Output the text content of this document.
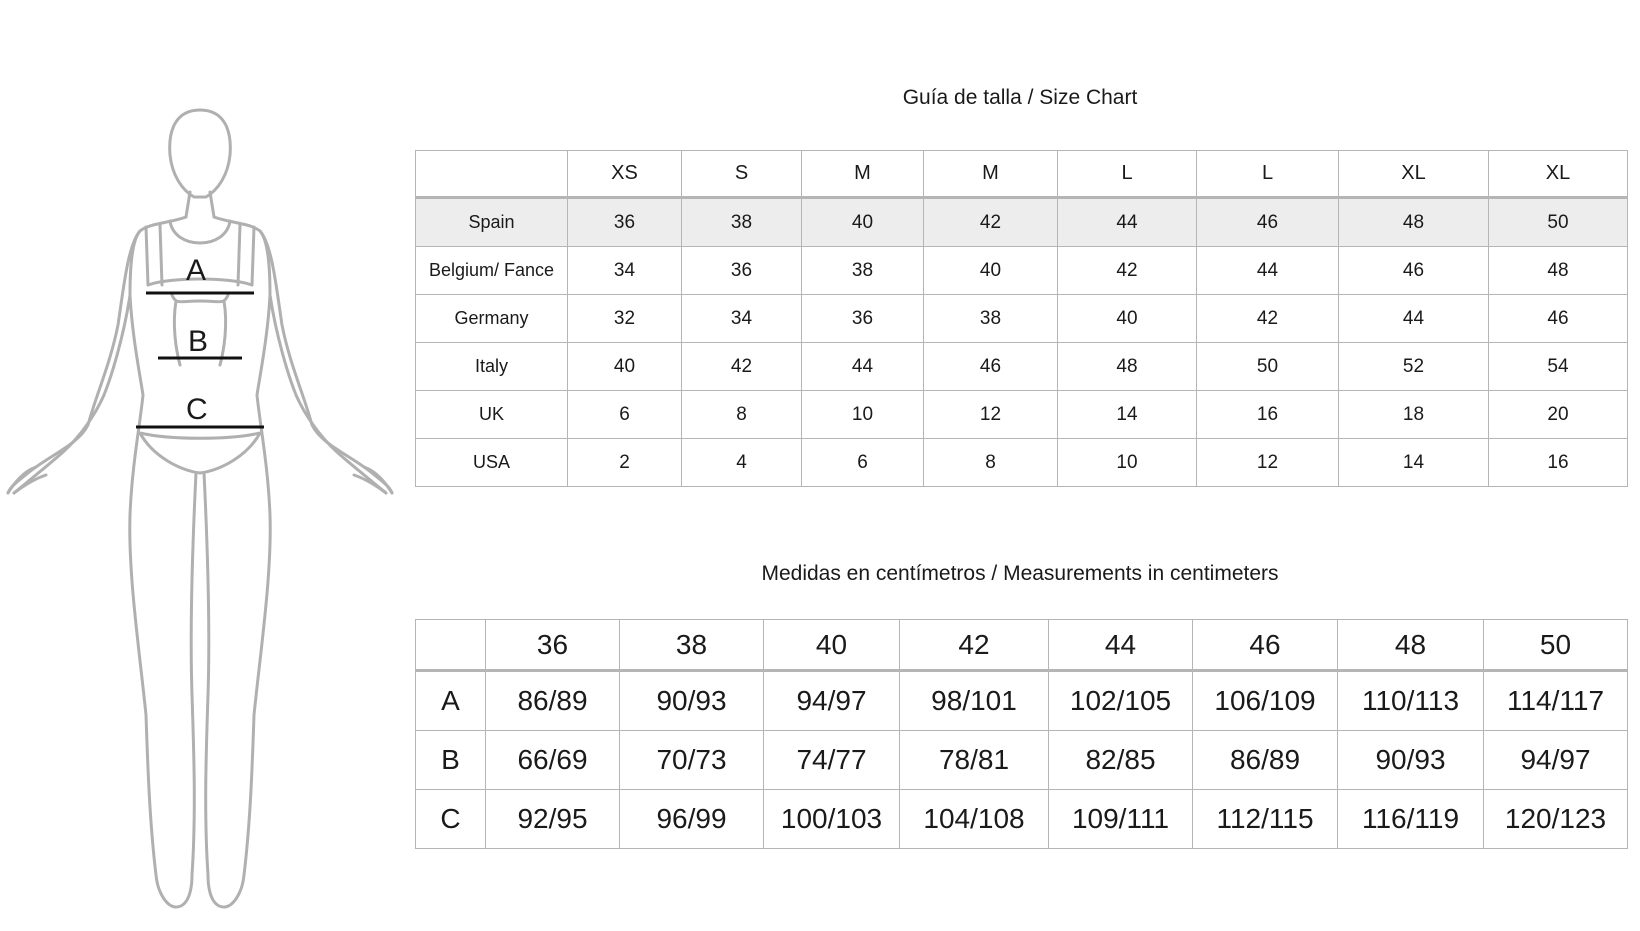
A
B
C
Guía de talla / Size Chart
	XS	S	M	M	L	L	XL	XL
Spain	36	38	40	42	44	46	48	50
Belgium/ Fance	34	36	38	40	42	44	46	48
Germany	32	34	36	38	40	42	44	46
Italy	40	42	44	46	48	50	52	54
UK	6	8	10	12	14	16	18	20
USA	2	4	6	8	10	12	14	16
Medidas en centímetros / Measurements in centimeters
	36	38	40	42	44	46	48	50
A	86/89	90/93	94/97	98/101	102/105	106/109	110/113	114/117
B	66/69	70/73	74/77	78/81	82/85	86/89	90/93	94/97
C	92/95	96/99	100/103	104/108	109/111	112/115	116/119	120/123
